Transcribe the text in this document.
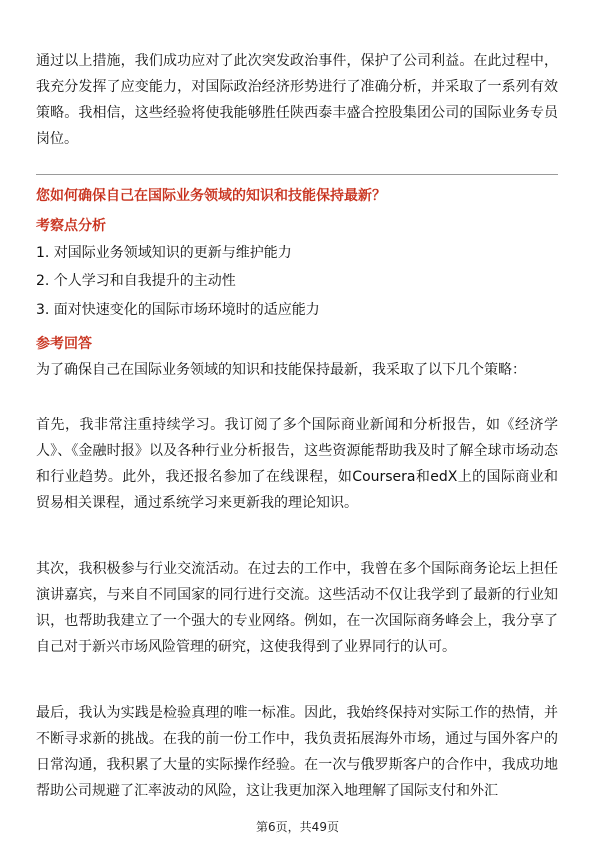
通过以上措施，我们成功应对了此次突发政治事件，保护了公司利益。在此过程中，我充分发挥了应变能力，对国际政治经济形势进行了准确分析，并采取了一系列有效策略。我相信，这些经验将使我能够胜任陕西泰丰盛合控股集团公司的国际业务专员岗位。

您如何确保自己在国际业务领域的知识和技能保持最新？
考察点分析
1. 对国际业务领域知识的更新与维护能力
2. 个人学习和自我提升的主动性
3. 面对快速变化的国际市场环境时的适应能力
参考回答
为了确保自己在国际业务领域的知识和技能保持最新，我采取了以下几个策略：

首先，我非常注重持续学习。我订阅了多个国际商业新闻和分析报告，如《经济学人》、《金融时报》以及各种行业分析报告，这些资源能帮助我及时了解全球市场动态和行业趋势。此外，我还报名参加了在线课程，如Coursera和edX上的国际商业和贸易相关课程，通过系统学习来更新我的理论知识。

其次，我积极参与行业交流活动。在过去的工作中，我曾在多个国际商务论坛上担任演讲嘉宾，与来自不同国家的同行进行交流。这些活动不仅让我学到了最新的行业知识，也帮助我建立了一个强大的专业网络。例如，在一次国际商务峰会上，我分享了自己对于新兴市场风险管理的研究，这使我得到了业界同行的认可。

最后，我认为实践是检验真理的唯一标准。因此，我始终保持对实际工作的热情，并不断寻求新的挑战。在我的前一份工作中，我负责拓展海外市场，通过与国外客户的日常沟通，我积累了大量的实际操作经验。在一次与俄罗斯客户的合作中，我成功地帮助公司规避了汇率波动的风险，这让我更加深入地理解了国际支付和外汇

第6页，共49页
